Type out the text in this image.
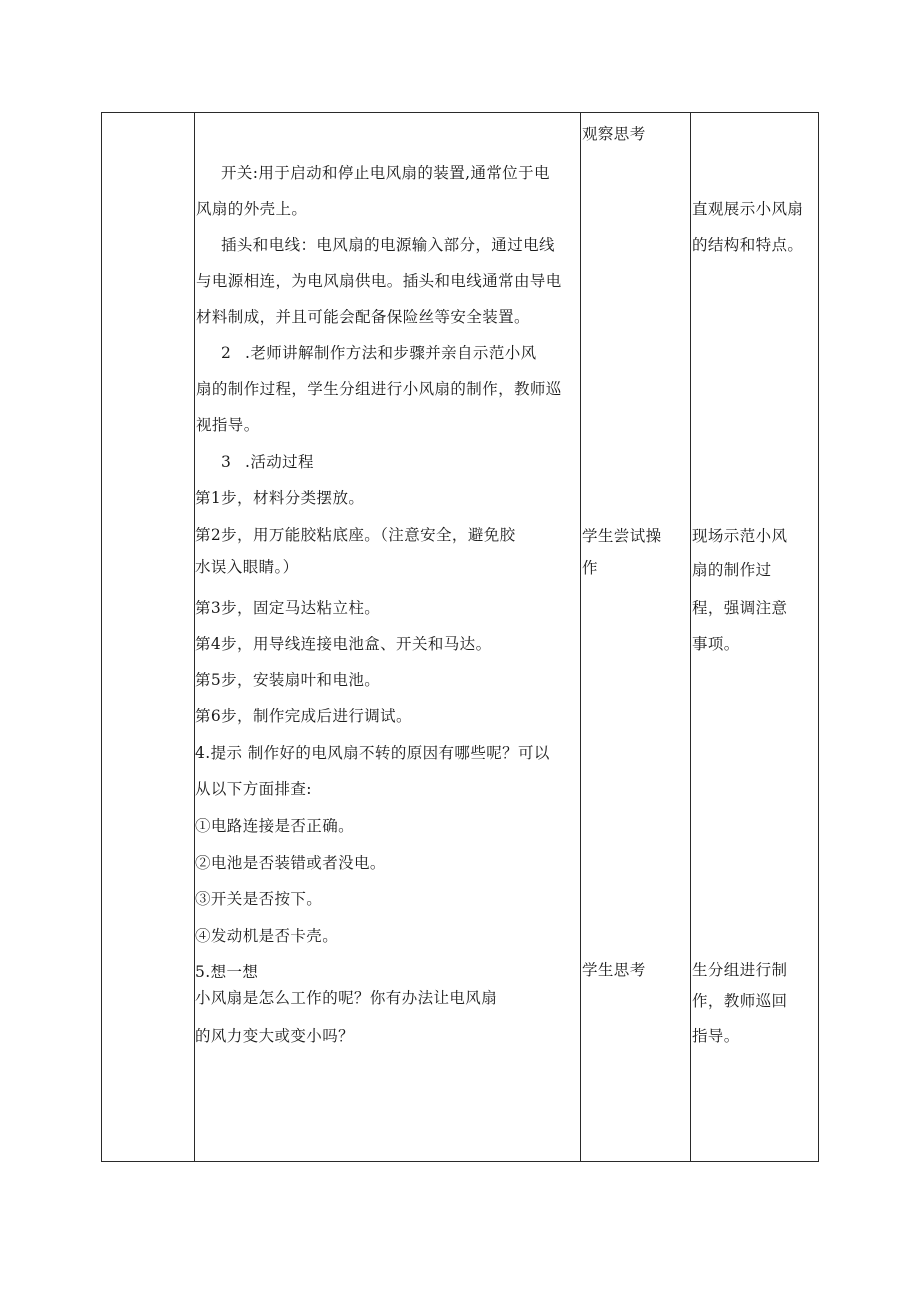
开关:用于启动和停止电风扇的装置,通常位于电
风扇的外壳上。
插头和电线：电风扇的电源输入部分，通过电线
与电源相连，为电风扇供电。插头和电线通常由导电
材料制成，并且可能会配备保险丝等安全装置。
2 .老师讲解制作方法和步骤并亲自示范小风
扇的制作过程，学生分组进行小风扇的制作，教师巡
视指导。
3 .活动过程
第1步，材料分类摆放。
第2步，用万能胶粘底座。（注意安全，避免胶
水误入眼睛。）
第3步，固定马达粘立柱。
第4步，用导线连接电池盒、开关和马达。
第5步，安装扇叶和电池。
第6步，制作完成后进行调试。
4.提示 制作好的电风扇不转的原因有哪些呢？可以
从以下方面排查:
①电路连接是否正确。
②电池是否装错或者没电。
③开关是否按下。
④发动机是否卡壳。
5.想一想
小风扇是怎么工作的呢？你有办法让电风扇
的风力变大或变小吗？
观察思考
学生尝试操
作
学生思考
直观展示小风扇
的结构和特点。
现场示范小风
扇的制作过
程，强调注意
事项。
生分组进行制
作，教师巡回
指导。
